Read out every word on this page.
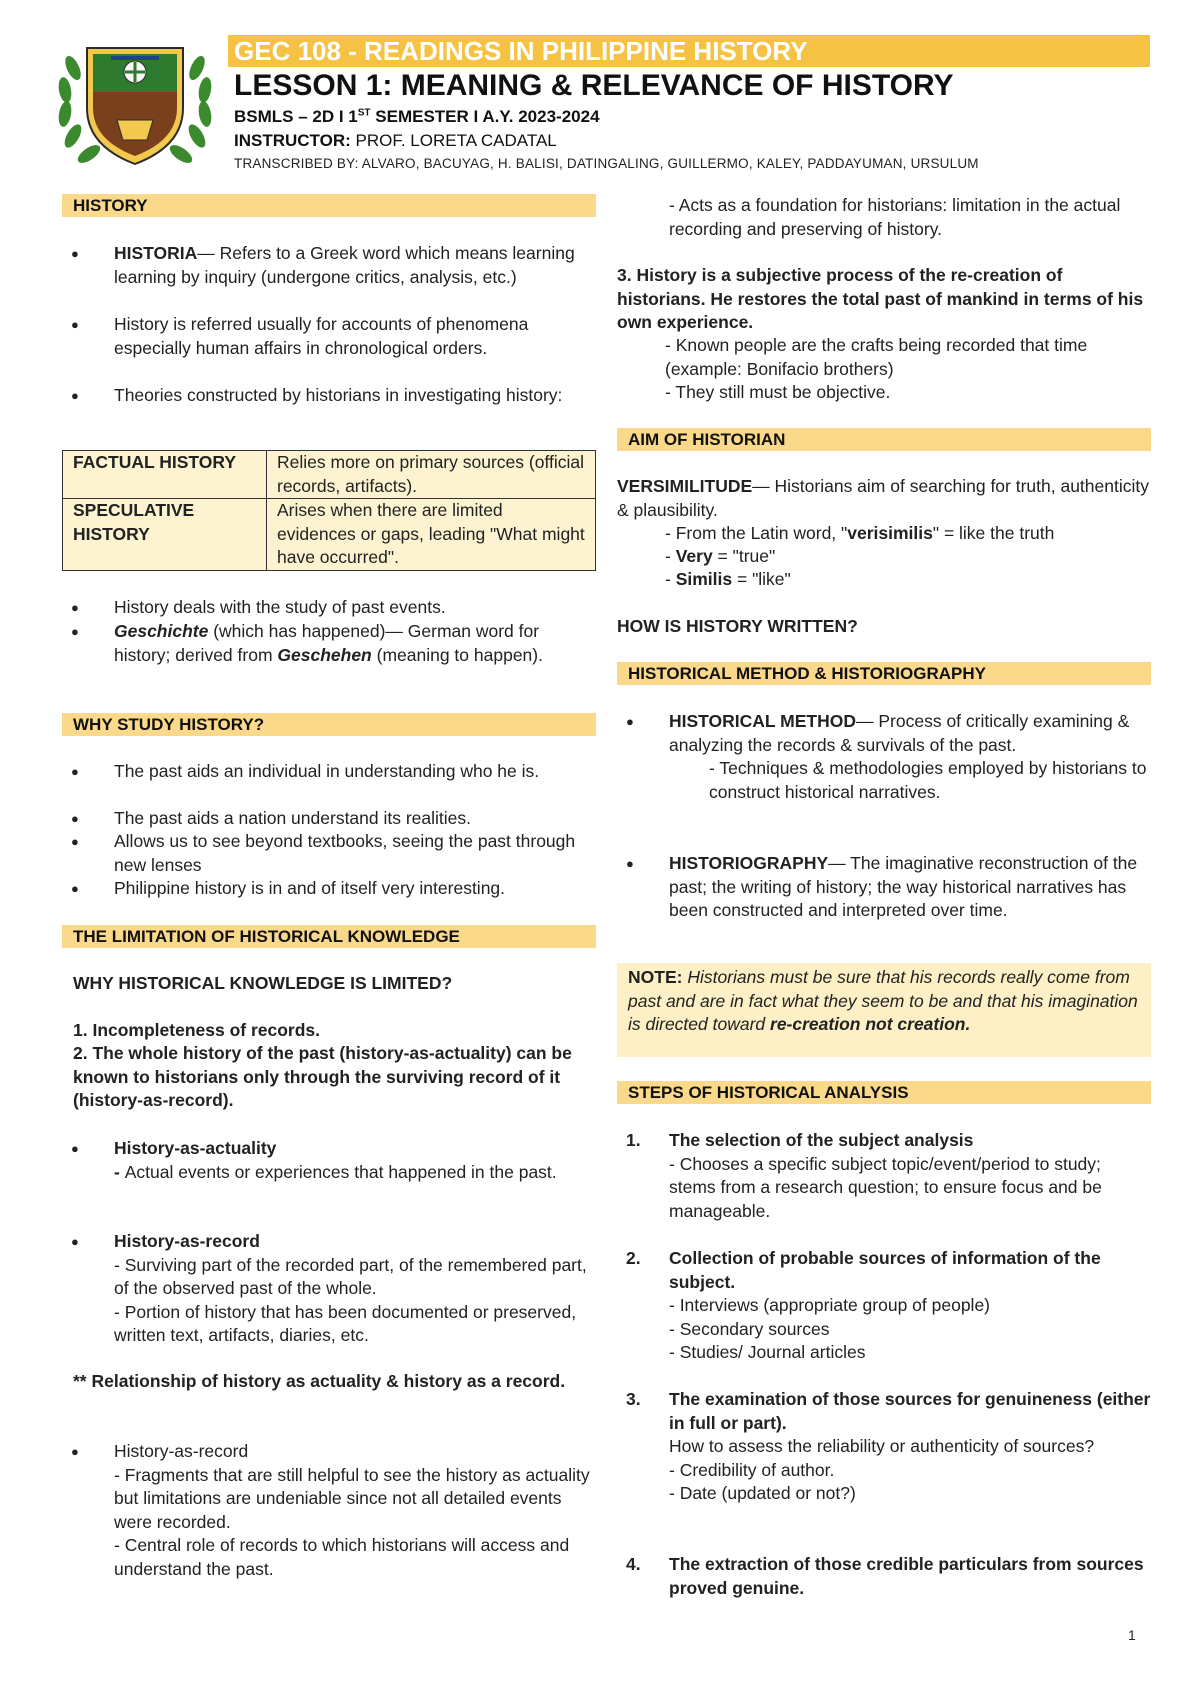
GEC 108 - READINGS IN PHILIPPINE HISTORY
LESSON 1: MEANING & RELEVANCE OF HISTORY
BSMLS – 2D I 1ST SEMESTER I A.Y. 2023-2024
INSTRUCTOR: PROF. LORETA CADATAL
TRANSCRIBED BY: ALVARO, BACUYAG, H. BALISI, DATINGALING, GUILLERMO, KALEY, PADDAYUMAN, URSULUM
HISTORY
● HISTORIA— Refers to a Greek word which means learning learning by inquiry (undergone critics, analysis, etc.)
● History is referred usually for accounts of phenomena especially human affairs in chronological orders.
● Theories constructed by historians in investigating history:
FACTUAL HISTORY	Relies more on primary sources (official records, artifacts).
SPECULATIVE HISTORY	Arises when there are limited evidences or gaps, leading "What might have occurred".
● History deals with the study of past events.
● Geschichte (which has happened)— German word for history; derived from Geschehen (meaning to happen).
WHY STUDY HISTORY?
● The past aids an individual in understanding who he is.
● The past aids a nation understand its realities.
● Allows us to see beyond textbooks, seeing the past through new lenses
● Philippine history is in and of itself very interesting.
THE LIMITATION OF HISTORICAL KNOWLEDGE
WHY HISTORICAL KNOWLEDGE IS LIMITED?
1. Incompleteness of records.
2. The whole history of the past (history-as-actuality) can be known to historians only through the surviving record of it (history-as-record).
● History-as-actuality
- Actual events or experiences that happened in the past.
● History-as-record
- Surviving part of the recorded part, of the remembered part, of the observed past of the whole.
- Portion of history that has been documented or preserved, written text, artifacts, diaries, etc.
** Relationship of history as actuality & history as a record.
● History-as-record
- Fragments that are still helpful to see the history as actuality but limitations are undeniable since not all detailed events were recorded.
- Central role of records to which historians will access and understand the past.
- Acts as a foundation for historians: limitation in the actual recording and preserving of history.
3. History is a subjective process of the re-creation of historians. He restores the total past of mankind in terms of his own experience.
- Known people are the crafts being recorded that time (example: Bonifacio brothers)
- They still must be objective.
AIM OF HISTORIAN
VERSIMILITUDE— Historians aim of searching for truth, authenticity & plausibility.
- From the Latin word, "verisimilis" = like the truth
- Very = "true"
- Similis = "like"
HOW IS HISTORY WRITTEN?
HISTORICAL METHOD & HISTORIOGRAPHY
● HISTORICAL METHOD— Process of critically examining & analyzing the records & survivals of the past.
- Techniques & methodologies employed by historians to construct historical narratives.
● HISTORIOGRAPHY— The imaginative reconstruction of the past; the writing of history; the way historical narratives has been constructed and interpreted over time.
NOTE: Historians must be sure that his records really come from past and are in fact what they seem to be and that his imagination is directed toward re-creation not creation.
STEPS OF HISTORICAL ANALYSIS
1. The selection of the subject analysis
- Chooses a specific subject topic/event/period to study; stems from a research question; to ensure focus and be manageable.
2. Collection of probable sources of information of the subject.
- Interviews (appropriate group of people)
- Secondary sources
- Studies/ Journal articles
3. The examination of those sources for genuineness (either in full or part).
How to assess the reliability or authenticity of sources?
- Credibility of author.
- Date (updated or not?)
4. The extraction of those credible particulars from sources proved genuine.
1
